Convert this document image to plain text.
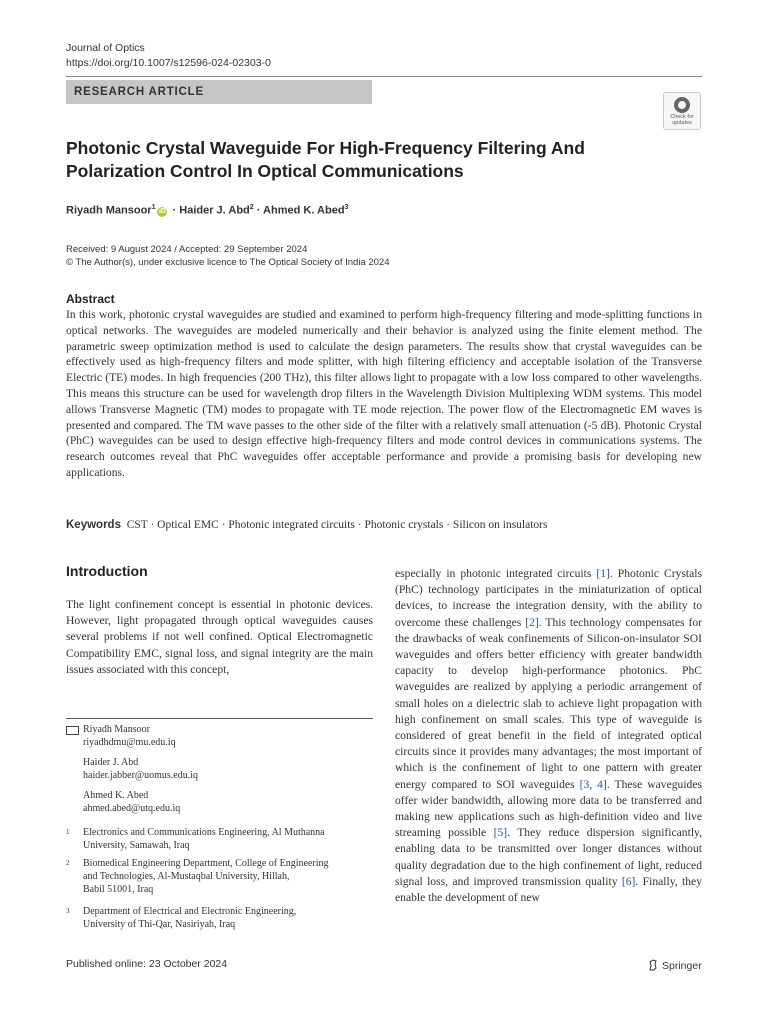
Journal of Optics
https://doi.org/10.1007/s12596-024-02303-0
RESEARCH ARTICLE
Check for
updates
Photonic Crystal Waveguide For High-Frequency Filtering And
Polarization Control In Optical Communications
Riyadh Mansoor$^1$iD · Haider J. Abd$^2$ · Ahmed K. Abed$^3$
Received: 9 August 2024 / Accepted: 29 September 2024
© The Author(s), under exclusive licence to The Optical Society of India 2024
Abstract
In this work, photonic crystal waveguides are studied and examined to perform high-frequency filtering and mode-splitting functions in optical networks. The waveguides are modeled numerically and their behavior is analyzed using the finite element method. The parametric sweep optimization method is used to calculate the design parameters. The results show that crystal waveguides can be effectively used as high-frequency filters and mode splitter, with high filtering efficiency and acceptable isolation of the Transverse Electric (TE) modes. In high frequencies (200 THz), this filter allows light to propagate with a low loss compared to other wavelengths. This means this structure can be used for wavelength drop filters in the Wavelength Division Multiplexing WDM systems. This model allows Transverse Magnetic (TM) modes to propagate with TE mode rejection. The power flow of the Electromagnetic EM waves is presented and compared. The TM wave passes to the other side of the filter with a relatively small attenuation (-5 dB). Photonic Crystal (PhC) waveguides can be used to design effective high-frequency filters and mode control devices in communications systems. The research outcomes reveal that PhC waveguides offer acceptable performance and provide a promising basis for developing new applications.
Keywords CST · Optical EMC · Photonic integrated circuits · Photonic crystals · Silicon on insulators
Introduction
The light confinement concept is essential in photonic devices. However, light propagated through optical waveguides causes several problems if not well confined. Optical Electromagnetic Compatibility EMC, signal loss, and signal integrity are the main issues associated with this concept,
Riyadh Mansoor
riyadhdmu@mu.edu.iq
Haider J. Abd
haider.jabber@uomus.edu.iq
Ahmed K. Abed
ahmed.abed@utq.edu.iq
1 Electronics and Communications Engineering, Al Muthanna
University, Samawah, Iraq
2 Biomedical Engineering Department, College of Engineering
and Technologies, Al-Mustaqbal University, Hillah,
Babil 51001, Iraq
3 Department of Electrical and Electronic Engineering,
University of Thi-Qar, Nasiriyah, Iraq
especially in photonic integrated circuits [1]. Photonic Crystals (PhC) technology participates in the miniaturization of optical devices, to increase the integration density, with the ability to overcome these challenges [2]. This technology compensates for the drawbacks of weak confinements of Silicon-on-insulator SOI waveguides and offers better efficiency with greater bandwidth capacity to develop high-performance photonics. PhC waveguides are realized by applying a periodic arrangement of small holes on a dielectric slab to achieve light propagation with high confinement on small scales. This type of waveguide is considered of great benefit in the field of integrated optical circuits since it provides many advantages; the most important of which is the confinement of light to one pattern with greater energy compared to SOI waveguides [3, 4]. These waveguides offer wider bandwidth, allowing more data to be transferred and making new applications such as high-definition video and live streaming possible [5]. They reduce dispersion significantly, enabling data to be transmitted over longer distances without quality degradation due to the high confinement of light, reduced signal loss, and improved transmission quality [6]. Finally, they enable the development of new
Published online: 23 October 2024	Springer
